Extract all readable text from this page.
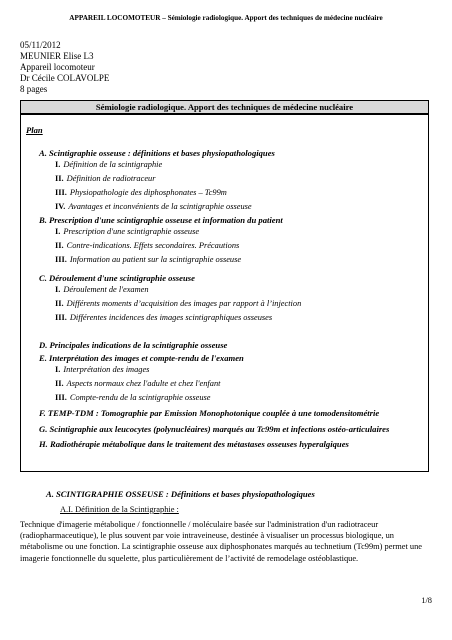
APPAREIL LOCOMOTEUR – Sémiologie radiologique. Apport des techniques de médecine nucléaire
05/11/2012
MEUNIER Elise L3
Appareil locomoteur
Dr Cécile COLAVOLPE
8 pages
Sémiologie radiologique. Apport des techniques de médecine nucléaire
Plan
A. Scintigraphie osseuse : définitions et bases physiopathologiques
I. Définition de la scintigraphie
II. Définition de radiotraceur
III. Physiopathologie des diphosphonates – Tc99m
IV. Avantages et inconvénients de la scintigraphie osseuse
B. Prescription d'une scintigraphie osseuse et information du patient
I. Prescription d'une scintigraphie osseuse
II. Contre-indications. Effets secondaires. Précautions
III. Information au patient sur la scintigraphie osseuse
C. Déroulement d'une scintigraphie osseuse
I. Déroulement de l'examen
II. Différents moments d’acquisition des images par rapport à l’injection
III. Différentes incidences des images scintigraphiques osseuses
D. Principales indications de la scintigraphie osseuse
E. Interprétation des images et compte-rendu de l'examen
I. Interprétation des images
II. Aspects normaux chez l'adulte et chez l'enfant
III. Compte-rendu de la scintigraphie osseuse
F. TEMP-TDM : Tomographie par Emission Monophotonique couplée à une tomodensitométrie
G. Scintigraphie aux leucocytes (polynucléaires) marqués au Tc99m et infections ostéo-articulaires
H. Radiothérapie métabolique dans le traitement des métastases osseuses hyperalgiques
A. SCINTIGRAPHIE OSSEUSE : Définitions et bases physiopathologiques
A.I. Définition de la Scintigraphie :
Technique d'imagerie métabolique / fonctionnelle / moléculaire basée sur l'administration d'un radiotraceur (radiopharmaceutique), le plus souvent par voie intraveineuse, destinée à visualiser un processus biologique, un métabolisme ou une fonction. La scintigraphie osseuse aux diphosphonates marqués au technetium (Tc99m) permet une imagerie fonctionnelle du squelette, plus particulièrement de l’activité de remodelage ostéoblastique.
1/8
